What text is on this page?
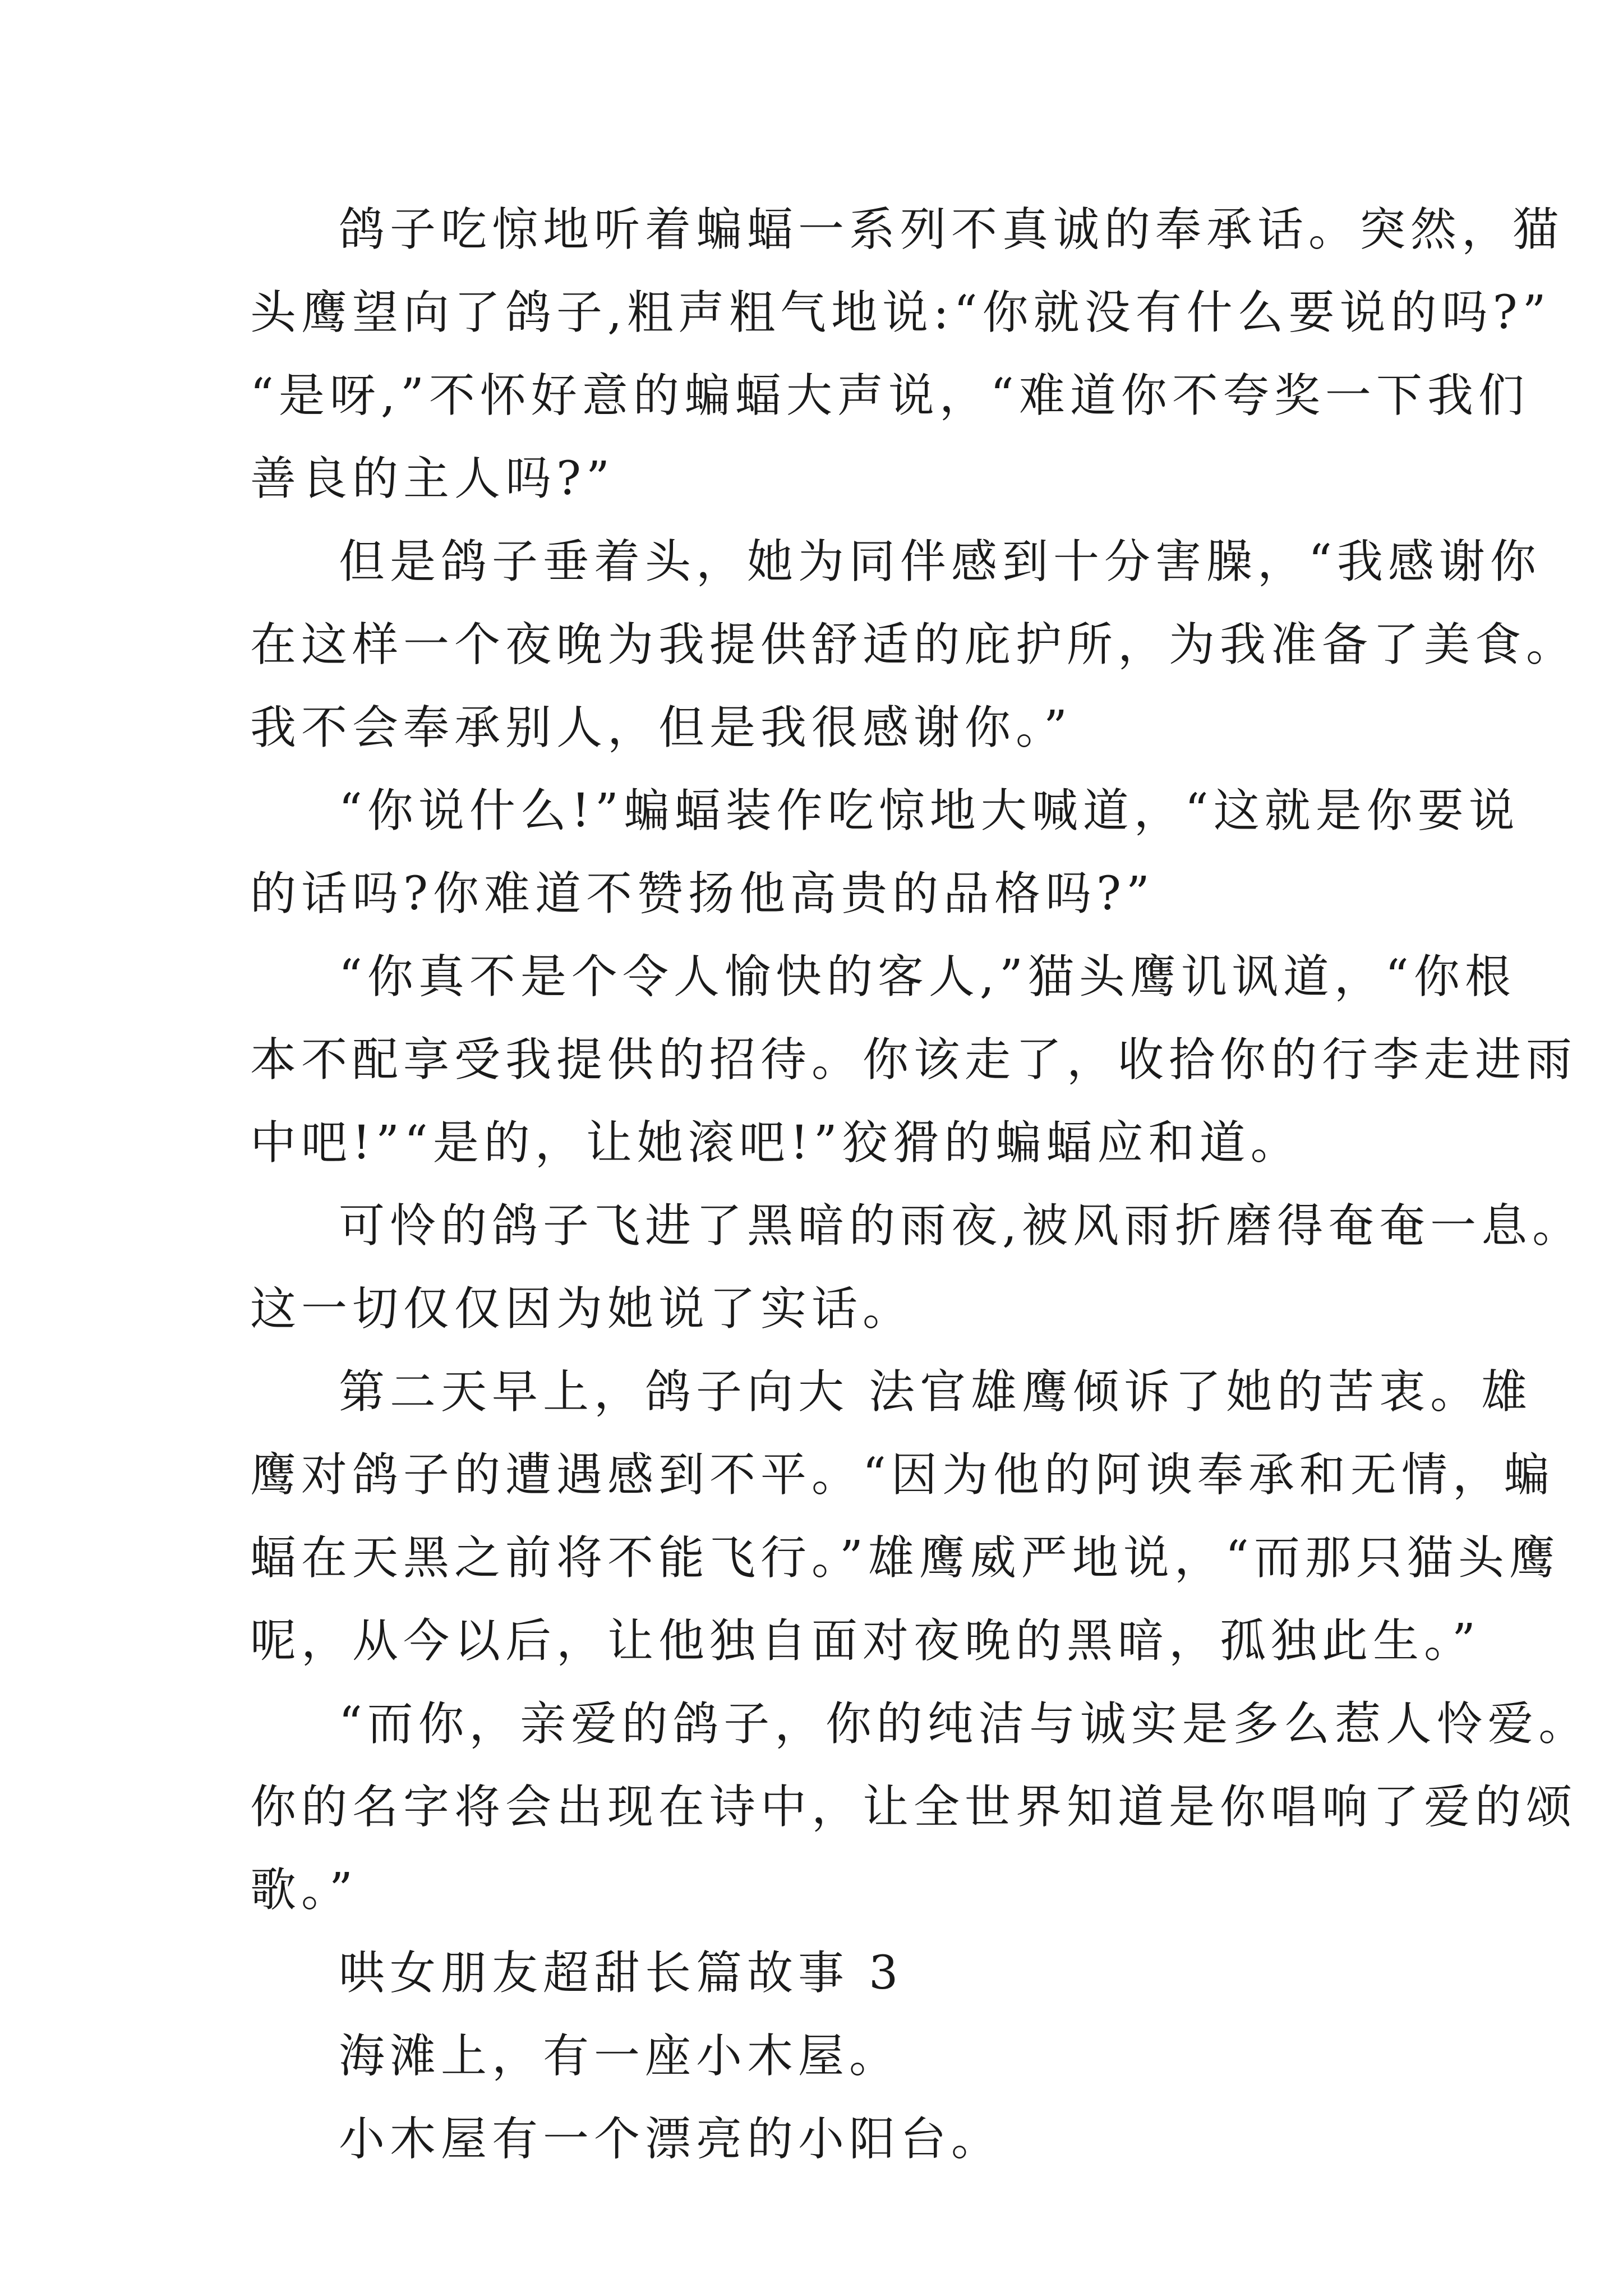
鸽子吃惊地听着蝙蝠一系列不真诚的奉承话。突然，猫
头鹰望向了鸽子,粗声粗气地说:“你就没有什么要说的吗?”
“是呀,”不怀好意的蝙蝠大声说，“难道你不夸奖一下我们
善良的主人吗?”
但是鸽子垂着头，她为同伴感到十分害臊，“我感谢你
在这样一个夜晚为我提供舒适的庇护所，为我准备了美食。
我不会奉承别人，但是我很感谢你。”
“你说什么!”蝙蝠装作吃惊地大喊道，“这就是你要说
的话吗?你难道不赞扬他高贵的品格吗?”
“你真不是个令人愉快的客人,”猫头鹰讥讽道，“你根
本不配享受我提供的招待。你该走了，收拾你的行李走进雨
中吧!”“是的，让她滚吧!”狡猾的蝙蝠应和道。
可怜的鸽子飞进了黑暗的雨夜,被风雨折磨得奄奄一息。
这一切仅仅因为她说了实话。
第二天早上，鸽子向大 法官雄鹰倾诉了她的苦衷。雄
鹰对鸽子的遭遇感到不平。“因为他的阿谀奉承和无情，蝙
蝠在天黑之前将不能飞行。”雄鹰威严地说，“而那只猫头鹰
呢，从今以后，让他独自面对夜晚的黑暗，孤独此生。”
“而你，亲爱的鸽子，你的纯洁与诚实是多么惹人怜爱。
你的名字将会出现在诗中，让全世界知道是你唱响了爱的颂
歌。”
哄女朋友超甜长篇故事 3
海滩上，有一座小木屋。
小木屋有一个漂亮的小阳台。
